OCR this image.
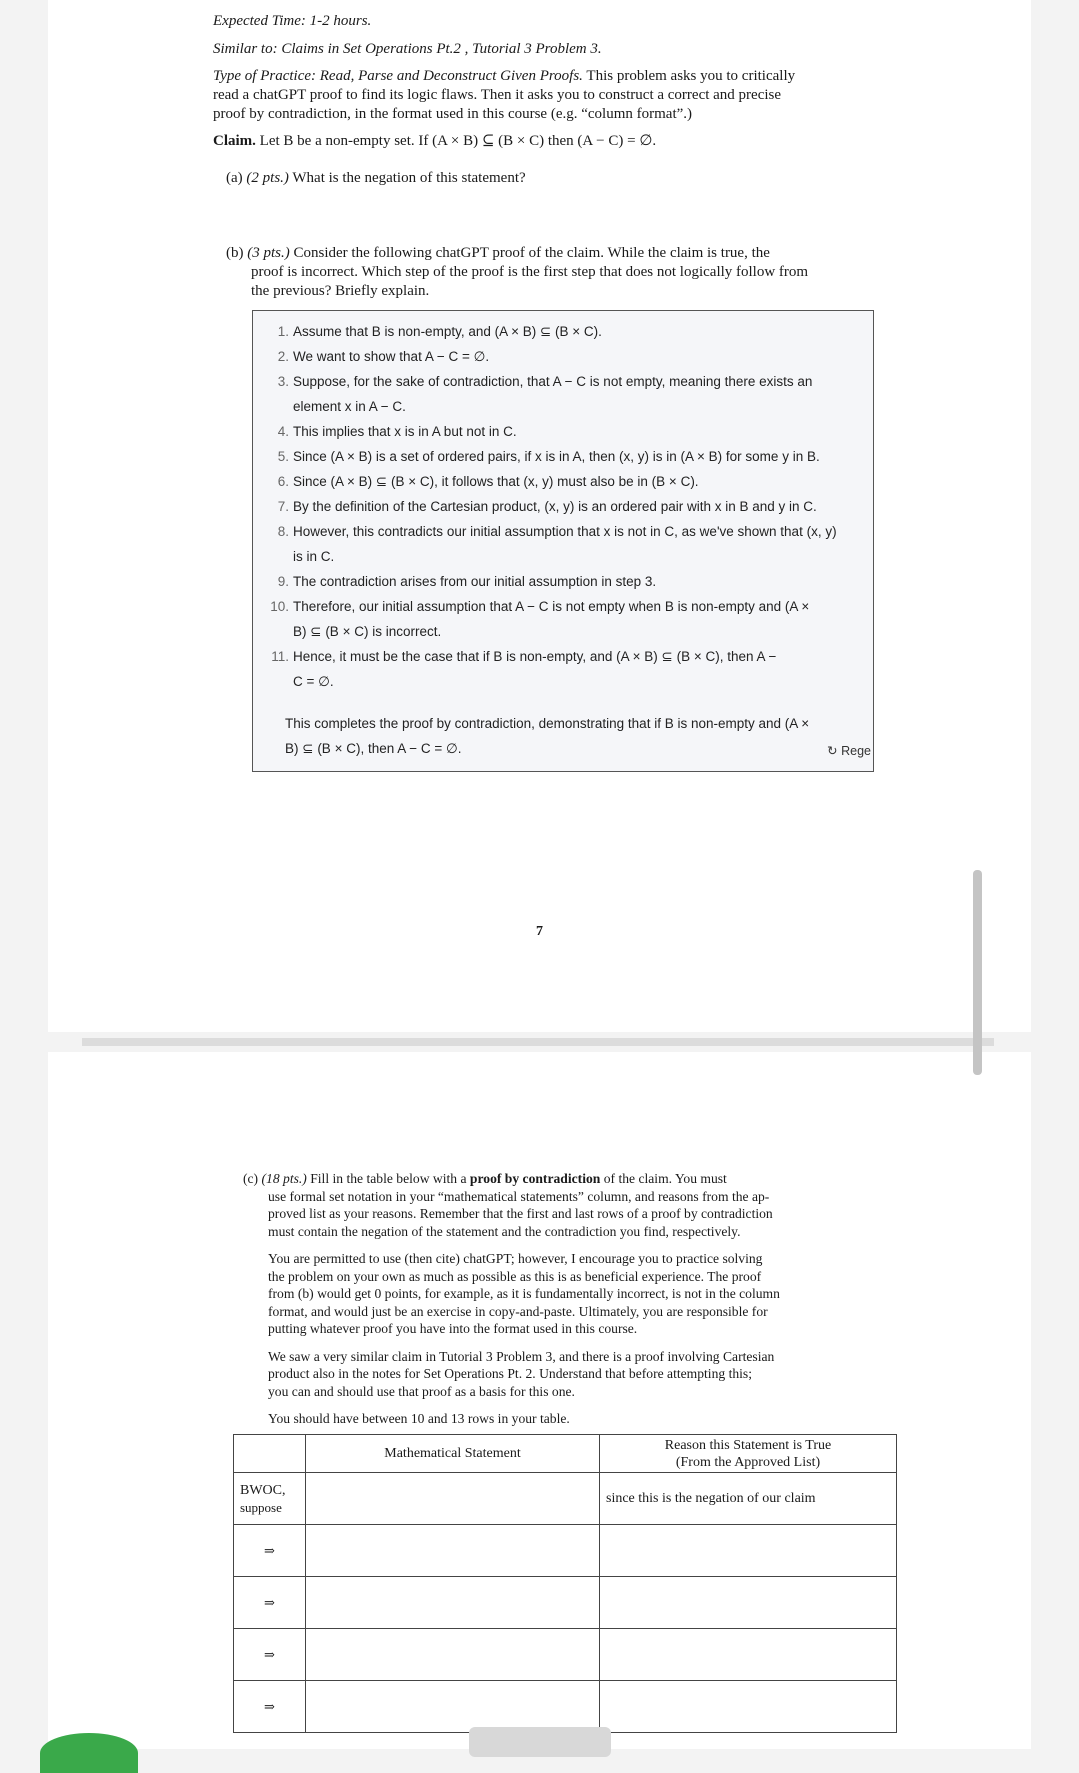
Expected Time: 1-2 hours.
Similar to: Claims in Set Operations Pt.2 , Tutorial 3 Problem 3.
Type of Practice: Read, Parse and Deconstruct Given Proofs. This problem asks you to critically
read a chatGPT proof to find its logic flaws. Then it asks you to construct a correct and precise
proof by contradiction, in the format used in this course (e.g. “column format”.)
Claim. Let B be a non-empty set. If (A × B) ⊆ (B × C) then (A − C) = ∅.
(a) (2 pts.) What is the negation of this statement?
(b) (3 pts.) Consider the following chatGPT proof of the claim. While the claim is true, the
proof is incorrect. Which step of the proof is the first step that does not logically follow from
the previous? Briefly explain.
1. Assume that B is non-empty, and (A × B) ⊆ (B × C).
2. We want to show that A − C = ∅.
3. Suppose, for the sake of contradiction, that A − C is not empty, meaning there exists an
element x in A − C.
4. This implies that x is in A but not in C.
5. Since (A × B) is a set of ordered pairs, if x is in A, then (x, y) is in (A × B) for some y in B.
6. Since (A × B) ⊆ (B × C), it follows that (x, y) must also be in (B × C).
7. By the definition of the Cartesian product, (x, y) is an ordered pair with x in B and y in C.
8. However, this contradicts our initial assumption that x is not in C, as we've shown that (x, y)
is in C.
9. The contradiction arises from our initial assumption in step 3.
10. Therefore, our initial assumption that A − C is not empty when B is non-empty and (A ×
B) ⊆ (B × C) is incorrect.
11. Hence, it must be the case that if B is non-empty, and (A × B) ⊆ (B × C), then A −
C = ∅.
This completes the proof by contradiction, demonstrating that if B is non-empty and (A ×
B) ⊆ (B × C), then A − C = ∅.	↻ Rege
7
(c) (18 pts.) Fill in the table below with a proof by contradiction of the claim. You must
use formal set notation in your “mathematical statements” column, and reasons from the ap-
proved list as your reasons. Remember that the first and last rows of a proof by contradiction
must contain the negation of the statement and the contradiction you find, respectively.
You are permitted to use (then cite) chatGPT; however, I encourage you to practice solving
the problem on your own as much as possible as this is as beneficial experience. The proof
from (b) would get 0 points, for example, as it is fundamentally incorrect, is not in the column
format, and would just be an exercise in copy-and-paste. Ultimately, you are responsible for
putting whatever proof you have into the format used in this course.
We saw a very similar claim in Tutorial 3 Problem 3, and there is a proof involving Cartesian
product also in the notes for Set Operations Pt. 2. Understand that before attempting this;
you can and should use that proof as a basis for this one.
You should have between 10 and 13 rows in your table.
	Mathematical Statement	Reason this Statement is True
(From the Approved List)

BWOC,
suppose		since this is the negation of our claim
⇒		
⇒		
⇒		
⇒		
